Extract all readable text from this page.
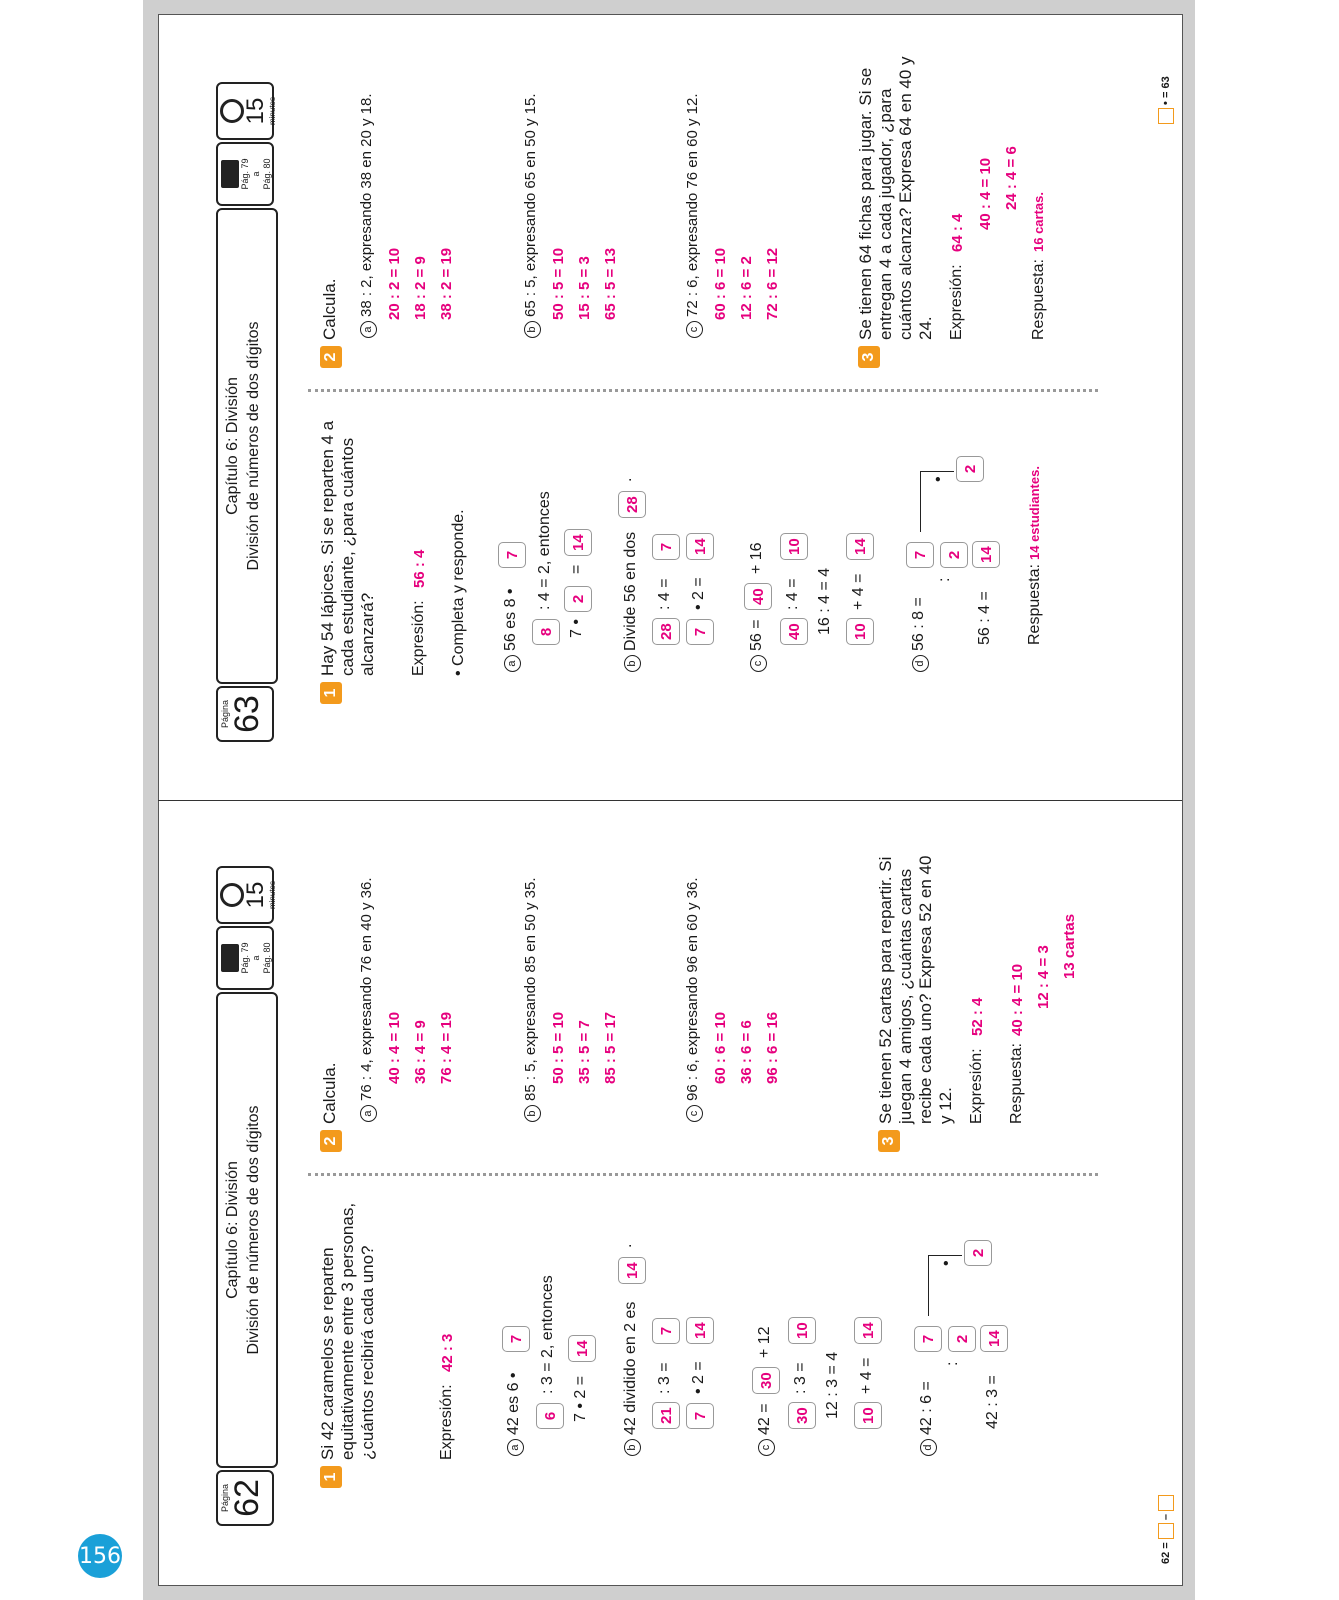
156
Página
62
Capítulo 6: División División de números de dos dígitos
Pág. 79 a Pág. 80
15 minutos
1
Si 42 caramelos se reparten equitativamente entre 3 personas, ¿cuántos recibirá cada uno?	Expresión:
42 : 3
a42 es 6 •
7
6
: 3 = 2, entonces
7 • 2 =
14
b42 dividido en 2 es
14
.
21
: 3 =
7
7
• 2 =
14
c42 =
30
+ 12
30
: 3 =
10
12 : 3 = 4	10
+ 4 =
14
d42 : 6 =
7
:
2
•
2
42 : 3 =
14
2
Calcula.	a76 : 4, expresando 76 en 40 y 36. 40 : 4 = 10 36 : 4 = 9 76 : 4 = 19
b85 : 5, expresando 85 en 50 y 35. 50 : 5 = 10 35 : 5 = 7 85 : 5 = 17
c96 : 6, expresando 96 en 60 y 36. 60 : 6 = 10 36 : 6 = 6 96 : 6 = 16
3
Se tienen 52 cartas para repartir. Si juegan 4 amigos, ¿cuántas cartas recibe cada uno? Expresa 52 en 40 y 12. Expresión:
52 : 4
Respuesta:
40 : 4 = 10 12 : 4 = 3 13 cartas
62 =  –
Página
63
Capítulo 6: División División de números de dos dígitos
Pág. 79 a Pág. 80
15 minutos
1
Hay 54 lápices. Si se reparten 4 a cada estudiante, ¿para cuántos alcanzará? Expresión:
56 : 4 • Completa y responde.	a56 es 8 •
7
8
: 4 = 2, entonces
7 •
2
=
14
bDivide 56 en dos
28
.
28
: 4 =
7
7
• 2 =
14
c56 =
40
+ 16
40
: 4 =
10
16 : 4 = 4	10
+ 4 =
14
d56 : 8 =
7
:
2
•
2
56 : 4 =
14
Respuesta:
14 estudiantes.
2
Calcula.	a38 : 2, expresando 38 en 20 y 18. 20 : 2 = 10 18 : 2 = 9 38 : 2 = 19
b65 : 5, expresando 65 en 50 y 15. 50 : 5 = 10 15 : 5 = 3 65 : 5 = 13
c72 : 6, expresando 76 en 60 y 12. 60 : 6 = 10 12 : 6 = 2 72 : 6 = 12
3
Se tienen 64 fichas para jugar. Si se entregan 4 a cada jugador, ¿para cuántos alcanza? Expresa 64 en 40 y 24. Expresión:
64 : 4
40 : 4 = 10 24 : 4 = 6
Respuesta:
16 cartas.
• = 63
